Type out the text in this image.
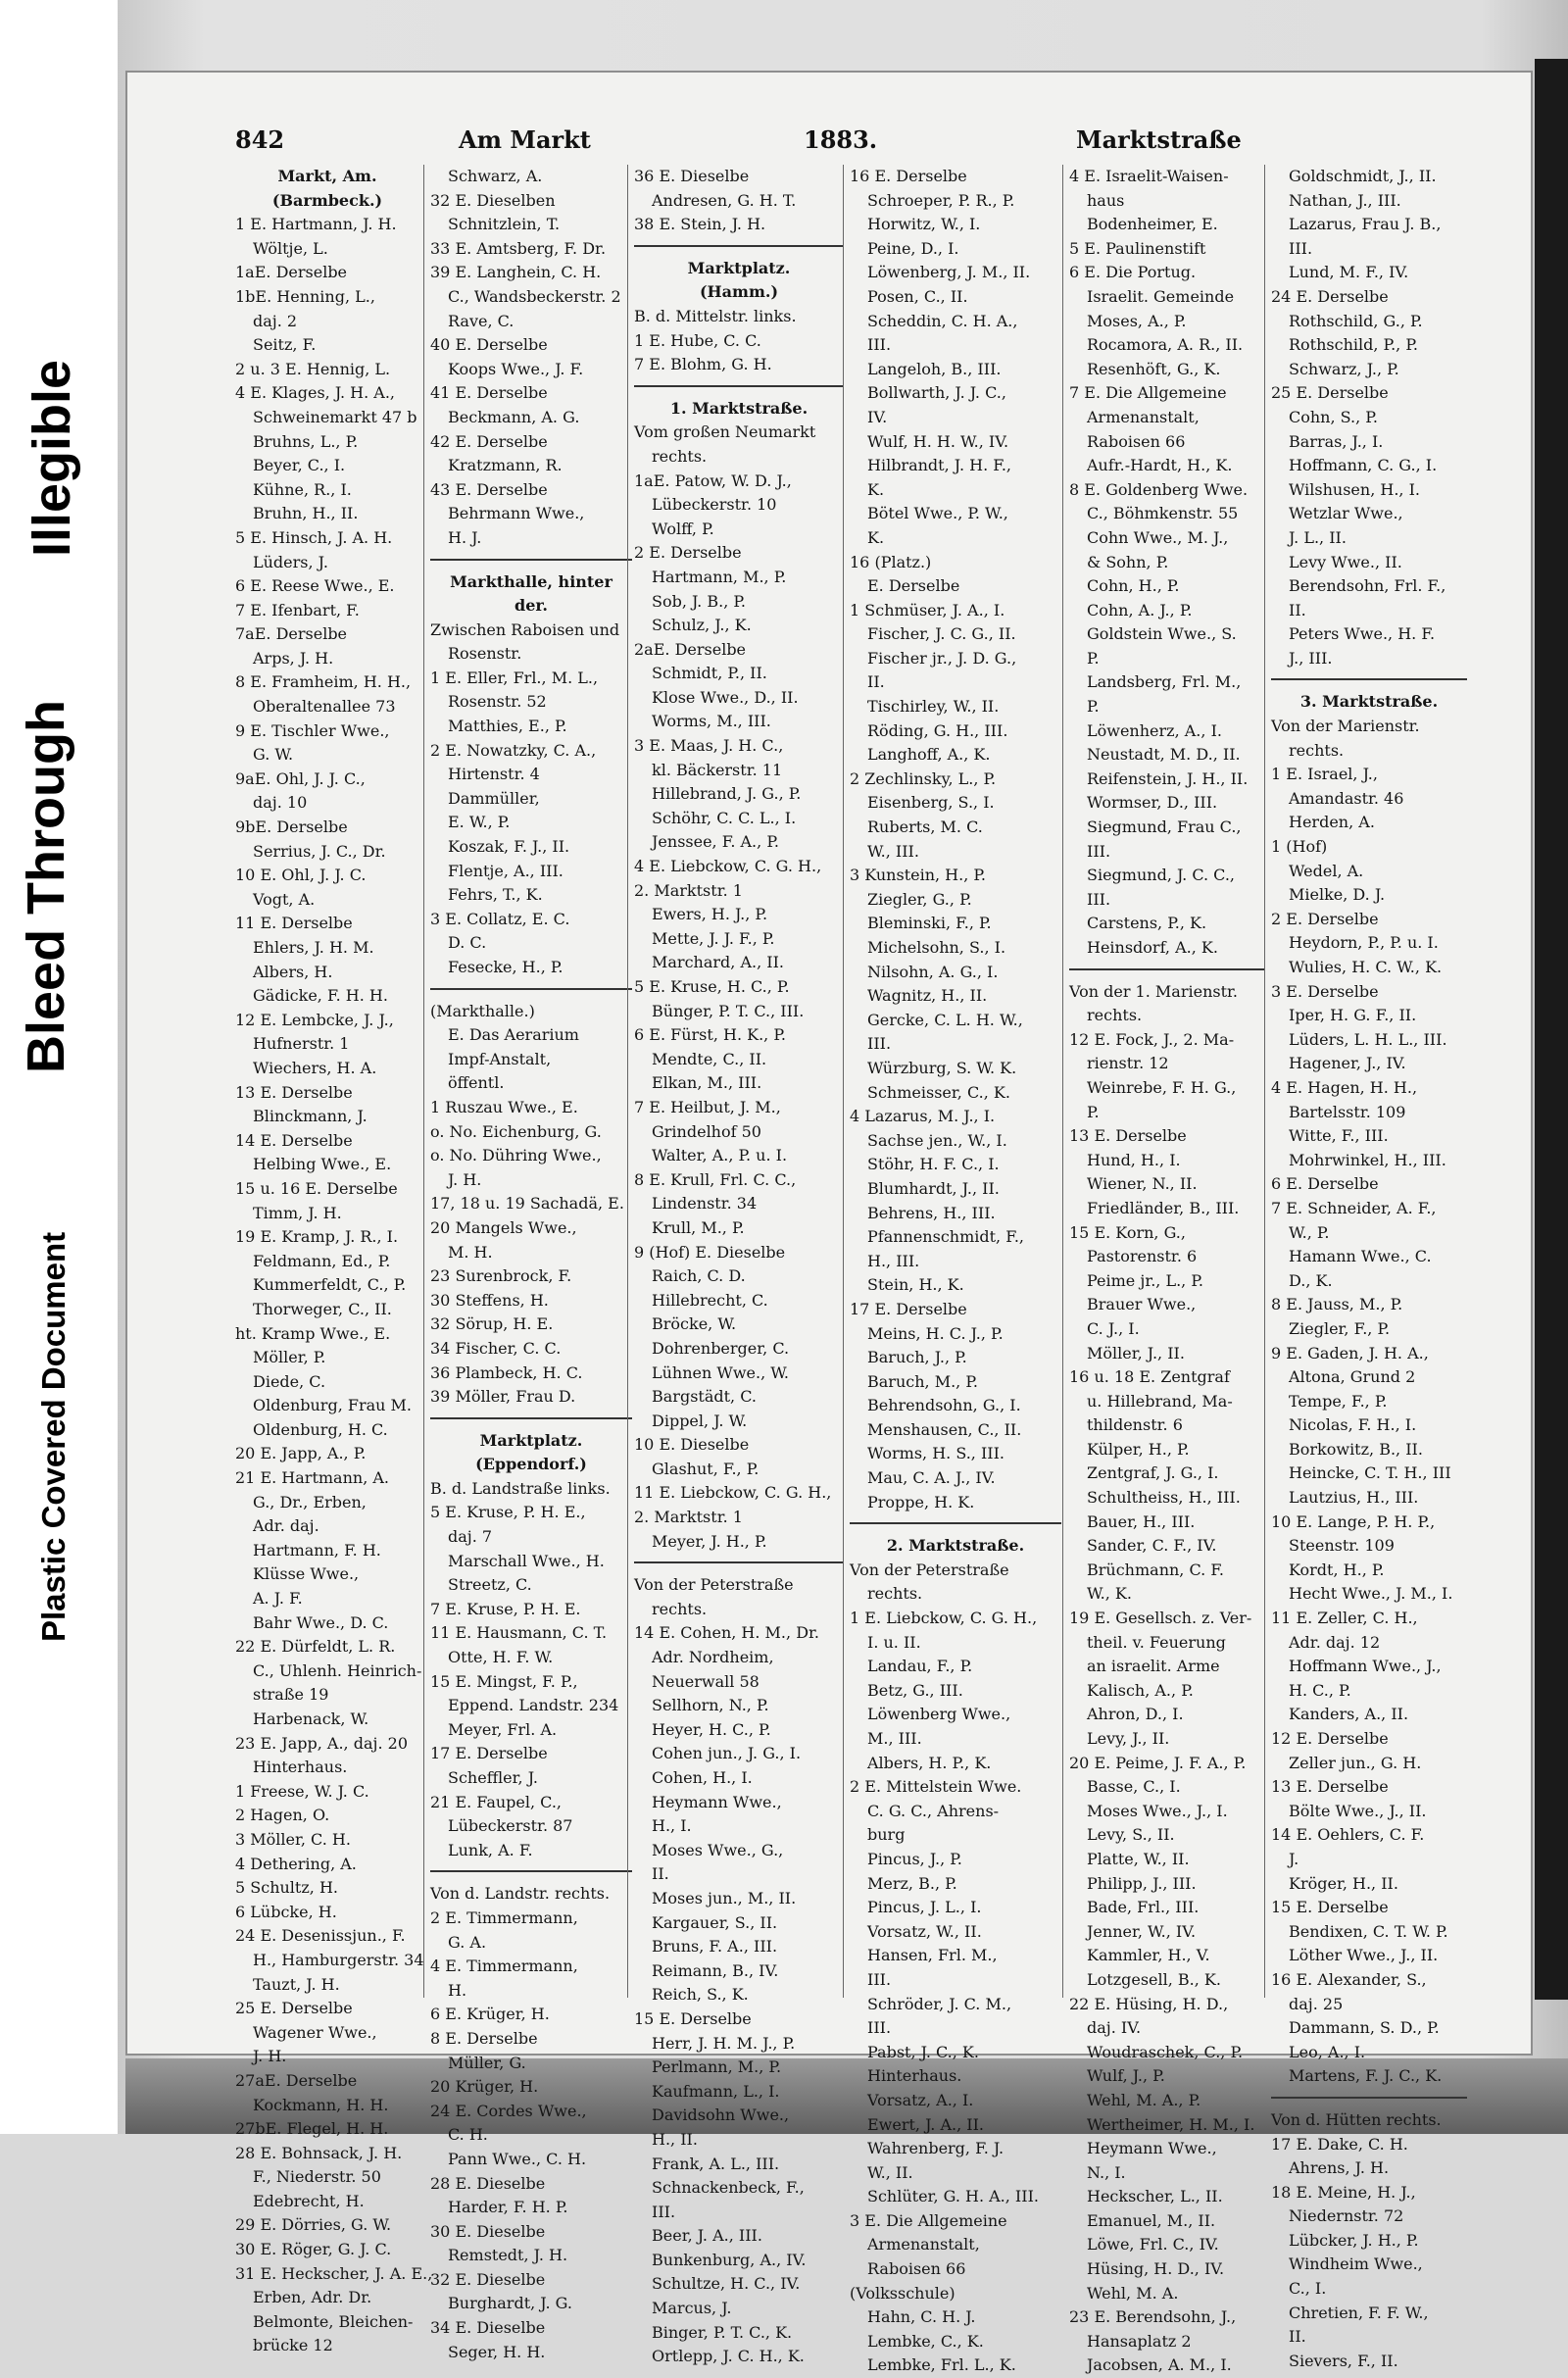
Illegible
Bleed Through
Plastic Covered Document
842	Am Markt	1883.	Marktstraße
Markt, Am.
(Barmbeck.)
1 E. Hartmann, J. H.
Wöltje, L.
1aE. Derselbe
1bE. Henning, L.,
daj. 2
Seitz, F.
2 u. 3 E. Hennig, L.
4 E. Klages, J. H. A.,
Schweinemarkt 47 b
Bruhns, L., P.
Beyer, C., I.
Kühne, R., I.
Bruhn, H., II.
5 E. Hinsch, J. A. H.
Lüders, J.
6 E. Reese Wwe., E.
7 E. Ifenbart, F.
7aE. Derselbe
Arps, J. H.
8 E. Framheim, H. H.,
Oberaltenallee 73
9 E. Tischler Wwe.,
G. W.
9aE. Ohl, J. J. C.,
daj. 10
9bE. Derselbe
Serrius, J. C., Dr.
10 E. Ohl, J. J. C.
Vogt, A.
11 E. Derselbe
Ehlers, J. H. M.
Albers, H.
Gädicke, F. H. H.
12 E. Lembcke, J. J.,
Hufnerstr. 1
Wiechers, H. A.
13 E. Derselbe
Blinckmann, J.
14 E. Derselbe
Helbing Wwe., E.
15 u. 16 E. Derselbe
Timm, J. H.
19 E. Kramp, J. R., I.
Feldmann, Ed., P.
Kummerfeldt, C., P.
Thorweger, C., II.
ht. Kramp Wwe., E.
Möller, P.
Diede, C.
Oldenburg, Frau M.
Oldenburg, H. C.
20 E. Japp, A., P.
21 E. Hartmann, A.
G., Dr., Erben,
Adr. daj.
Hartmann, F. H.
Klüsse Wwe.,
A. J. F.
Bahr Wwe., D. C.
22 E. Dürfeldt, L. R.
C., Uhlenh. Heinrich-
straße 19
Harbenack, W.
23 E. Japp, A., daj. 20
Hinterhaus.
1 Freese, W. J. C.
2 Hagen, O.
3 Möller, C. H.
4 Dethering, A.
5 Schultz, H.
6 Lübcke, H.
24 E. Desenissjun., F.
H., Hamburgerstr. 34
Tauzt, J. H.
25 E. Derselbe
Wagener Wwe.,
J. H.
27aE. Derselbe
Kockmann, H. H.
27bE. Flegel, H. H.
28 E. Bohnsack, J. H.
F., Niederstr. 50
Edebrecht, H.
29 E. Dörries, G. W.
30 E. Röger, G. J. C.
31 E. Heckscher, J. A. E.,
Erben, Adr. Dr.
Belmonte, Bleichen-
brücke 12
Schwarz, A.
32 E. Dieselben
Schnitzlein, T.
33 E. Amtsberg, F. Dr.
39 E. Langhein, C. H.
C., Wandsbeckerstr. 2
Rave, C.
40 E. Derselbe
Koops Wwe., J. F.
41 E. Derselbe
Beckmann, A. G.
42 E. Derselbe
Kratzmann, R.
43 E. Derselbe
Behrmann Wwe.,
H. J.
Markthalle, hinter
der.
Zwischen Raboisen und
Rosenstr.
1 E. Eller, Frl., M. L.,
Rosenstr. 52
Matthies, E., P.
2 E. Nowatzky, C. A.,
Hirtenstr. 4
Dammüller,
E. W., P.
Koszak, F. J., II.
Flentje, A., III.
Fehrs, T., K.
3 E. Collatz, E. C.
D. C.
Fesecke, H., P.
(Markthalle.)
E. Das Aerarium
Impf-Anstalt,
öffentl.
1 Ruszau Wwe., E.
o. No. Eichenburg, G.
o. No. Dühring Wwe.,
J. H.
17, 18 u. 19 Sachadä, E.
20 Mangels Wwe.,
M. H.
23 Surenbrock, F.
30 Steffens, H.
32 Sörup, H. E.
34 Fischer, C. C.
36 Plambeck, H. C.
39 Möller, Frau D.
Marktplatz.
(Eppendorf.)
B. d. Landstraße links.
5 E. Kruse, P. H. E.,
daj. 7
Marschall Wwe., H.
Streetz, C.
7 E. Kruse, P. H. E.
11 E. Hausmann, C. T.
Otte, H. F. W.
15 E. Mingst, F. P.,
Eppend. Landstr. 234
Meyer, Frl. A.
17 E. Derselbe
Scheffler, J.
21 E. Faupel, C.,
Lübeckerstr. 87
Lunk, A. F.
Von d. Landstr. rechts.
2 E. Timmermann,
G. A.
4 E. Timmermann,
H.
6 E. Krüger, H.
8 E. Derselbe
Müller, G.
20 Krüger, H.
24 E. Cordes Wwe.,
C. H.
Pann Wwe., C. H.
28 E. Dieselbe
Harder, F. H. P.
30 E. Dieselbe
Remstedt, J. H.
32 E. Dieselbe
Burghardt, J. G.
34 E. Dieselbe
Seger, H. H.
36 E. Dieselbe
Andresen, G. H. T.
38 E. Stein, J. H.
Marktplatz.
(Hamm.)
B. d. Mittelstr. links.
1 E. Hube, C. C.
7 E. Blohm, G. H.
1. Marktstraße.
Vom großen Neumarkt
rechts.
1aE. Patow, W. D. J.,
Lübeckerstr. 10
Wolff, P.
2 E. Derselbe
Hartmann, M., P.
Sob, J. B., P.
Schulz, J., K.
2aE. Derselbe
Schmidt, P., II.
Klose Wwe., D., II.
Worms, M., III.
3 E. Maas, J. H. C.,
kl. Bäckerstr. 11
Hillebrand, J. G., P.
Schöhr, C. C. L., I.
Jenssee, F. A., P.
4 E. Liebckow, C. G. H.,
2. Marktstr. 1
Ewers, H. J., P.
Mette, J. J. F., P.
Marchard, A., II.
5 E. Kruse, H. C., P.
Bünger, P. T. C., III.
6 E. Fürst, H. K., P.
Mendte, C., II.
Elkan, M., III.
7 E. Heilbut, J. M.,
Grindelhof 50
Walter, A., P. u. I.
8 E. Krull, Frl. C. C.,
Lindenstr. 34
Krull, M., P.
9 (Hof) E. Dieselbe
Raich, C. D.
Hillebrecht, C.
Bröcke, W.
Dohrenberger, C.
Lühnen Wwe., W.
Bargstädt, C.
Dippel, J. W.
10 E. Dieselbe
Glashut, F., P.
11 E. Liebckow, C. G. H.,
2. Marktstr. 1
Meyer, J. H., P.
Von der Peterstraße
rechts.
14 E. Cohen, H. M., Dr.
Adr. Nordheim,
Neuerwall 58
Sellhorn, N., P.
Heyer, H. C., P.
Cohen jun., J. G., I.
Cohen, H., I.
Heymann Wwe.,
H., I.
Moses Wwe., G.,
II.
Moses jun., M., II.
Kargauer, S., II.
Bruns, F. A., III.
Reimann, B., IV.
Reich, S., K.
15 E. Derselbe
Herr, J. H. M. J., P.
Perlmann, M., P.
Kaufmann, L., I.
Davidsohn Wwe.,
H., II.
Frank, A. L., III.
Schnackenbeck, F.,
III.
Beer, J. A., III.
Bunkenburg, A., IV.
Schultze, H. C., IV.
Marcus, J.
Binger, P. T. C., K.
Ortlepp, J. C. H., K.
16 E. Derselbe
Schroeper, P. R., P.
Horwitz, W., I.
Peine, D., I.
Löwenberg, J. M., II.
Posen, C., II.
Scheddin, C. H. A.,
III.
Langeloh, B., III.
Bollwarth, J. J. C.,
IV.
Wulf, H. H. W., IV.
Hilbrandt, J. H. F.,
K.
Bötel Wwe., P. W.,
K.
16 (Platz.)
E. Derselbe
1 Schmüser, J. A., I.
Fischer, J. C. G., II.
Fischer jr., J. D. G.,
II.
Tischirley, W., II.
Röding, G. H., III.
Langhoff, A., K.
2 Zechlinsky, L., P.
Eisenberg, S., I.
Ruberts, M. C.
W., III.
3 Kunstein, H., P.
Ziegler, G., P.
Bleminski, F., P.
Michelsohn, S., I.
Nilsohn, A. G., I.
Wagnitz, H., II.
Gercke, C. L. H. W.,
III.
Würzburg, S. W. K.
Schmeisser, C., K.
4 Lazarus, M. J., I.
Sachse jen., W., I.
Stöhr, H. F. C., I.
Blumhardt, J., II.
Behrens, H., III.
Pfannenschmidt, F.,
H., III.
Stein, H., K.
17 E. Derselbe
Meins, H. C. J., P.
Baruch, J., P.
Baruch, M., P.
Behrendsohn, G., I.
Menshausen, C., II.
Worms, H. S., III.
Mau, C. A. J., IV.
Proppe, H. K.
2. Marktstraße.
Von der Peterstraße
rechts.
1 E. Liebckow, C. G. H.,
I. u. II.
Landau, F., P.
Betz, G., III.
Löwenberg Wwe.,
M., III.
Albers, H. P., K.
2 E. Mittelstein Wwe.
C. G. C., Ahrens-
burg
Pincus, J., P.
Merz, B., P.
Pincus, J. L., I.
Vorsatz, W., II.
Hansen, Frl. M.,
III.
Schröder, J. C. M.,
III.
Pabst, J. C., K.
Hinterhaus.
Vorsatz, A., I.
Ewert, J. A., II.
Wahrenberg, F. J.
W., II.
Schlüter, G. H. A., III.
3 E. Die Allgemeine
Armenanstalt,
Raboisen 66
(Volksschule)
Hahn, C. H. J.
Lembke, C., K.
Lembke, Frl. L., K.
4 E. Israelit-Waisen-
haus
Bodenheimer, E.
5 E. Paulinenstift
6 E. Die Portug.
Israelit. Gemeinde
Moses, A., P.
Rocamora, A. R., II.
Resenhöft, G., K.
7 E. Die Allgemeine
Armenanstalt,
Raboisen 66
Aufr.-Hardt, H., K.
8 E. Goldenberg Wwe.
C., Böhmkenstr. 55
Cohn Wwe., M. J.,
& Sohn, P.
Cohn, H., P.
Cohn, A. J., P.
Goldstein Wwe., S.
P.
Landsberg, Frl. M.,
P.
Löwenherz, A., I.
Neustadt, M. D., II.
Reifenstein, J. H., II.
Wormser, D., III.
Siegmund, Frau C.,
III.
Siegmund, J. C. C.,
III.
Carstens, P., K.
Heinsdorf, A., K.
Von der 1. Marienstr.
rechts.
12 E. Fock, J., 2. Ma-
rienstr. 12
Weinrebe, F. H. G.,
P.
13 E. Derselbe
Hund, H., I.
Wiener, N., II.
Friedländer, B., III.
15 E. Korn, G.,
Pastorenstr. 6
Peime jr., L., P.
Brauer Wwe.,
C. J., I.
Möller, J., II.
16 u. 18 E. Zentgraf
u. Hillebrand, Ma-
thildenstr. 6
Külper, H., P.
Zentgraf, J. G., I.
Schultheiss, H., III.
Bauer, H., III.
Sander, C. F., IV.
Brüchmann, C. F.
W., K.
19 E. Gesellsch. z. Ver-
theil. v. Feuerung
an israelit. Arme
Kalisch, A., P.
Ahron, D., I.
Levy, J., II.
20 E. Peime, J. F. A., P.
Basse, C., I.
Moses Wwe., J., I.
Levy, S., II.
Platte, W., II.
Philipp, J., III.
Bade, Frl., III.
Jenner, W., IV.
Kammler, H., V.
Lotzgesell, B., K.
22 E. Hüsing, H. D.,
daj. IV.
Woudraschek, C., P.
Wulf, J., P.
Wehl, M. A., P.
Wertheimer, H. M., I.
Heymann Wwe.,
N., I.
Heckscher, L., II.
Emanuel, M., II.
Löwe, Frl. C., IV.
Hüsing, H. D., IV.
Wehl, M. A.
23 E. Berendsohn, J.,
Hansaplatz 2
Jacobsen, A. M., I.
Goldschmidt, J., II.
Nathan, J., III.
Lazarus, Frau J. B.,
III.
Lund, M. F., IV.
24 E. Derselbe
Rothschild, G., P.
Rothschild, P., P.
Schwarz, J., P.
25 E. Derselbe
Cohn, S., P.
Barras, J., I.
Hoffmann, C. G., I.
Wilshusen, H., I.
Wetzlar Wwe.,
J. L., II.
Levy Wwe., II.
Berendsohn, Frl. F.,
II.
Peters Wwe., H. F.
J., III.
3. Marktstraße.
Von der Marienstr.
rechts.
1 E. Israel, J.,
Amandastr. 46
Herden, A.
1 (Hof)
Wedel, A.
Mielke, D. J.
2 E. Derselbe
Heydorn, P., P. u. I.
Wulies, H. C. W., K.
3 E. Derselbe
Iper, H. G. F., II.
Lüders, L. H. L., III.
Hagener, J., IV.
4 E. Hagen, H. H.,
Bartelsstr. 109
Witte, F., III.
Mohrwinkel, H., III.
6 E. Derselbe
7 E. Schneider, A. F.,
W., P.
Hamann Wwe., C.
D., K.
8 E. Jauss, M., P.
Ziegler, F., P.
9 E. Gaden, J. H. A.,
Altona, Grund 2
Tempe, F., P.
Nicolas, F. H., I.
Borkowitz, B., II.
Heincke, C. T. H., III
Lautzius, H., III.
10 E. Lange, P. H. P.,
Steenstr. 109
Kordt, H., P.
Hecht Wwe., J. M., I.
11 E. Zeller, C. H.,
Adr. daj. 12
Hoffmann Wwe., J.,
H. C., P.
Kanders, A., II.
12 E. Derselbe
Zeller jun., G. H.
13 E. Derselbe
Bölte Wwe., J., II.
14 E. Oehlers, C. F.
J.
Kröger, H., II.
15 E. Derselbe
Bendixen, C. T. W. P.
Löther Wwe., J., II.
16 E. Alexander, S.,
daj. 25
Dammann, S. D., P.
Leo, A., I.
Martens, F. J. C., K.
Von d. Hütten rechts.
17 E. Dake, C. H.
Ahrens, J. H.
18 E. Meine, H. J.,
Niedernstr. 72
Lübcker, J. H., P.
Windheim Wwe.,
C., I.
Chretien, F. F. W.,
II.
Sievers, F., II.
